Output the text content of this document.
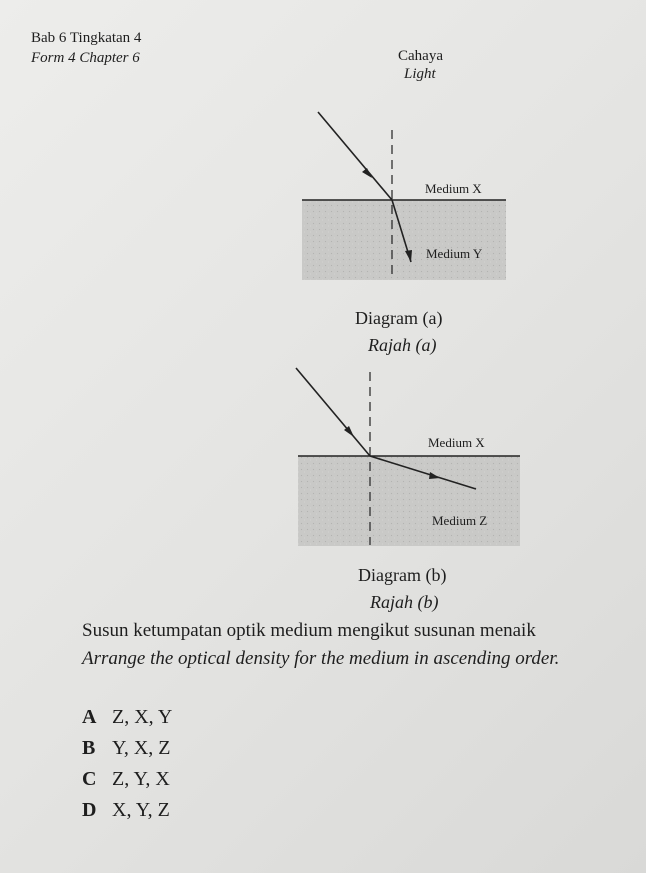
Bab 6 Tingkatan 4
Form 4 Chapter 6	Cahaya
Light
Medium X
Medium Y
Medium X
Medium Z
Diagram (a)
Rajah (a)
Diagram (b)
Rajah (b)
Susun ketumpatan optik medium mengikut susunan menaik
Arrange the optical density for the medium in ascending order.
A Z, X, Y
B Y, X, Z
C Z, Y, X
D X, Y, Z
